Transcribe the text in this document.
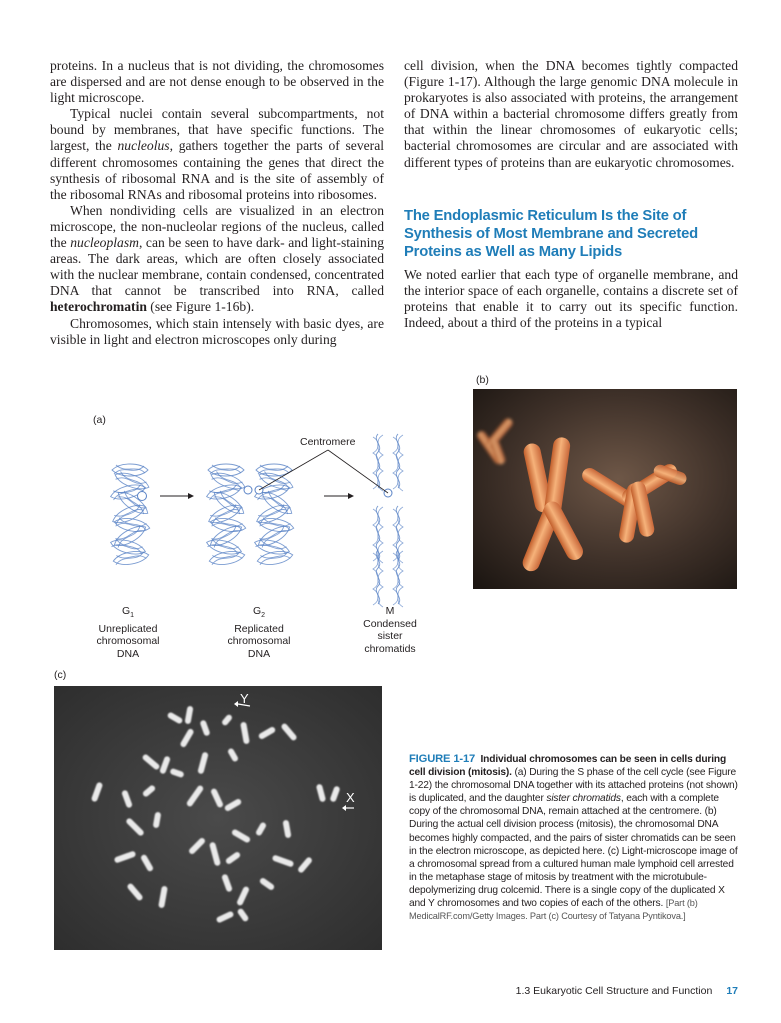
proteins. In a nucleus that is not dividing, the chromosomes are dispersed and are not dense enough to be observed in the light microscope.

Typical nuclei contain several subcompartments, not bound by membranes, that have specific functions. The largest, the nucleolus, gathers together the parts of several different chromosomes containing the genes that direct the synthesis of ribosomal RNA and is the site of assembly of the ribosomal RNAs and ribosomal proteins into ribosomes.

When nondividing cells are visualized in an electron microscope, the non-nucleolar regions of the nucleus, called the nucleoplasm, can be seen to have dark- and light-staining areas. The dark areas, which are often closely associated with the nuclear membrane, contain condensed, concentrated DNA that cannot be transcribed into RNA, called heterochromatin (see Figure 1-16b).

Chromosomes, which stain intensely with basic dyes, are visible in light and electron microscopes only during

cell division, when the DNA becomes tightly compacted (Figure 1-17). Although the large genomic DNA molecule in prokaryotes is also associated with proteins, the arrangement of DNA within a bacterial chromosome differs greatly from that within the linear chromosomes of eukaryotic cells; bacterial chromosomes are circular and are associated with different types of proteins than are eukaryotic chromosomes.

The Endoplasmic Reticulum Is the Site of Synthesis of Most Membrane and Secreted Proteins as Well as Many Lipids

We noted earlier that each type of organelle membrane, and the interior space of each organelle, contains a discrete set of proteins that enable it to carry out its specific function. Indeed, about a third of the proteins in a typical

(a)
(b)
(c)
Centromere
$G_1$
Unreplicated
chromosomal
DNA
$G_2$
Replicated
chromosomal
DNA
M
Condensed
sister
chromatids
Y
X
FIGURE 1-17 Individual chromosomes can be seen in cells during cell division (mitosis). (a) During the S phase of the cell cycle (see Figure 1-22) the chromosomal DNA together with its attached proteins (not shown) is duplicated, and the daughter sister chromatids, each with a complete copy of the chromosomal DNA, remain attached at the centromere. (b) During the actual cell division process (mitosis), the chromosomal DNA becomes highly compacted, and the pairs of sister chromatids can be seen in the electron microscope, as depicted here. (c) Light-microscope image of a chromosomal spread from a cultured human male lymphoid cell arrested in the metaphase stage of mitosis by treatment with the microtubule-depolymerizing drug colcemid. There is a single copy of the duplicated X and Y chromosomes and two copies of each of the others. [Part (b) MedicalRF.com/Getty Images. Part (c) Courtesy of Tatyana Pyntikova.]
1.3 Eukaryotic Cell Structure and Function 17
